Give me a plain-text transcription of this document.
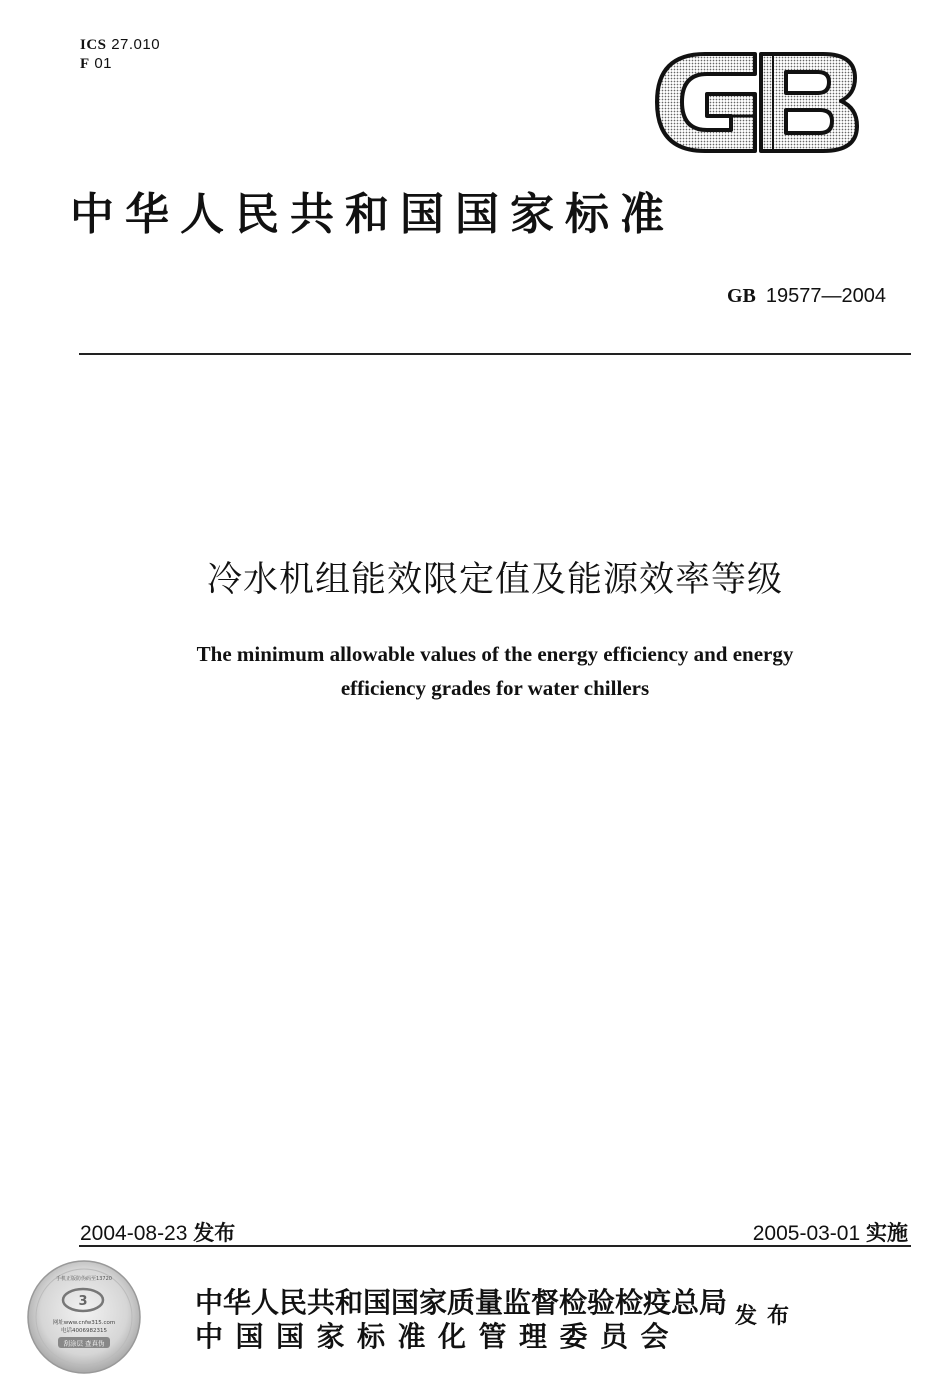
ICS 27.010
F 01
中华人民共和国国家标准
GB 19577—2004
冷水机组能效限定值及能源效率等级
The minimum allowable values of the energy efficiency and energy
efficiency grades for water chillers
2004-08-23 发布	2005-03-01 实施
3
网址www.cnfw315.com
电话4006982315
刮涂层 查真伪
手机正版防伪码至13720
中华人民共和国国家质量监督检验检疫总局
中国国家标准化管理委员会
发布
